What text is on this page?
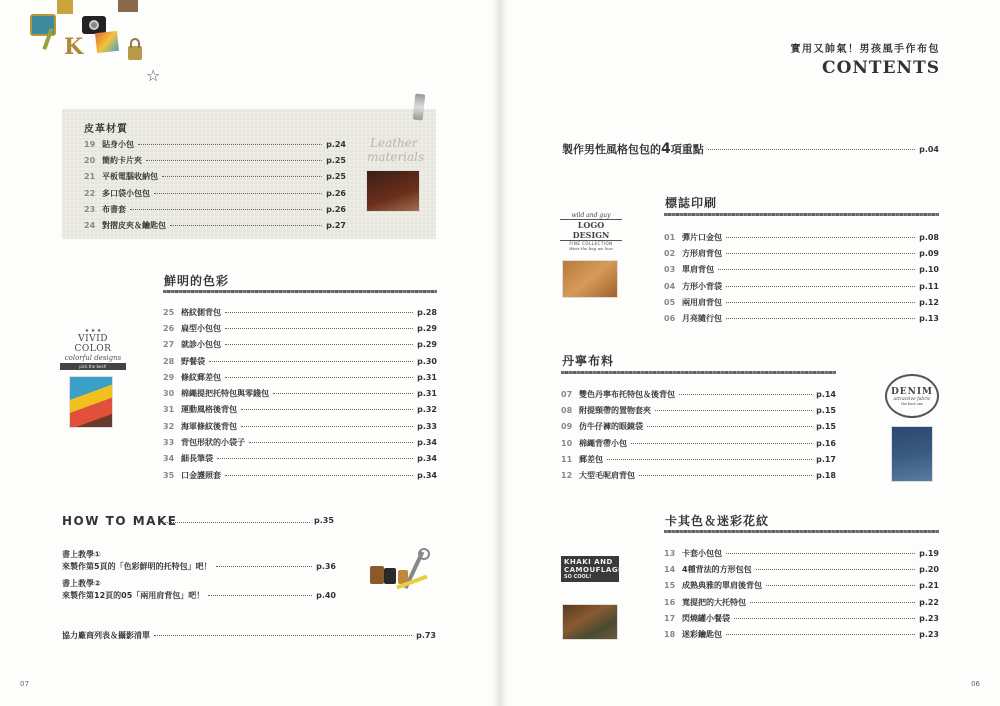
K
☆
皮革材質
19 貼身小包	p.24
20 簡約卡片夾	p.25
21 平板電腦收納包	p.25
22 多口袋小包包	p.26
23 布書套	p.26
24 對摺皮夾＆鑰匙包	p.27
Leather
materials
鮮明的色彩
25 格紋側背包	p.28
26 扁型小包包	p.29
27 就診小包包	p.29
28 野餐袋	p.30
29 條紋郵差包	p.31
30 棉繩提把托特包與零錢包	p.31
31 運動風格後背包	p.32
32 海軍條紋後背包	p.33
33 背包形狀的小袋子	p.34
34 細長筆袋	p.34
35 口金護照套	p.34
★ ★ ★
VIVID COLOR
colorful designs
pick the best!
HOW TO MAKE	p.35
書上教學①
來製作第5頁的「色彩鮮明的托特包」吧！	p.36
書上教學②
來製作第12頁的05「兩用肩背包」吧！	p.40
協力廠商列表＆攝影清單	p.73
07
實用又帥氣！男孩風手作布包
CONTENTS
製作男性風格包包的 4 項重點	p.04
標誌印刷
01 彈片口金包	p.08
02 方形肩背包	p.09
03 單肩背包	p.10
04 方形小背袋	p.11
05 兩用肩背包	p.12
06 月亮隨行包	p.13
wild and guy
LOGO DESIGN
FINE COLLECTION
Wear the bag we love
丹寧布料
07 雙色丹寧布托特包＆後背包	p.14
08 附提頸帶的置物套夾	p.15
09 仿牛仔褲的眼鏡袋	p.15
10 棉繩背帶小包	p.16
11 郵差包	p.17
12 大型毛呢肩背包	p.18
DENIM
attractive fabric
the best one
卡其色＆迷彩花紋
13 卡套小包包	p.19
14 4種背法的方形包包	p.20
15 成熟典雅的單肩後背包	p.21
16 寬提把的大托特包	p.22
17 閃燒罐小餐袋	p.23
18 迷彩鑰匙包	p.23
KHAKI AND
CAMOUFLAGE
SO COOL!
06
